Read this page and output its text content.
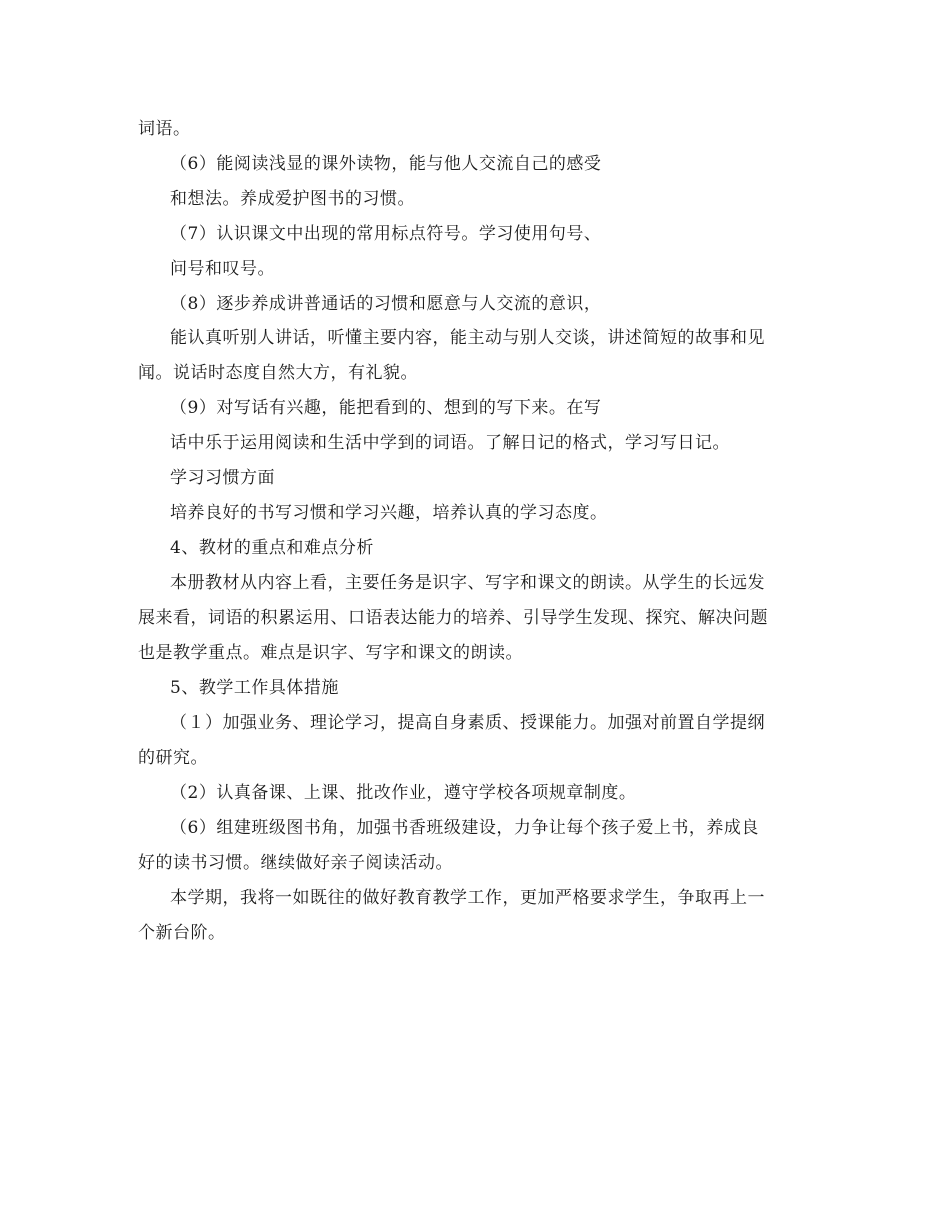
词语。
（6）能阅读浅显的课外读物，能与他人交流自己的感受
和想法。养成爱护图书的习惯。
（7）认识课文中出现的常用标点符号。学习使用句号、
问号和叹号。
（8）逐步养成讲普通话的习惯和愿意与人交流的意识，
能认真听别人讲话，听懂主要内容，能主动与别人交谈，讲述简短的故事和见
闻。说话时态度自然大方，有礼貌。
（9）对写话有兴趣，能把看到的、想到的写下来。在写
话中乐于运用阅读和生活中学到的词语。了解日记的格式，学习写日记。
学习习惯方面
培养良好的书写习惯和学习兴趣，培养认真的学习态度。
4、教材的重点和难点分析
本册教材从内容上看，主要任务是识字、写字和课文的朗读。从学生的长远发
展来看，词语的积累运用、口语表达能力的培养、引导学生发现、探究、解决问题
也是教学重点。难点是识字、写字和课文的朗读。
5、教学工作具体措施
（１）加强业务、理论学习，提高自身素质、授课能力。加强对前置自学提纲
的研究。
（2）认真备课、上课、批改作业，遵守学校各项规章制度。
（6）组建班级图书角，加强书香班级建设，力争让每个孩子爱上书，养成良
好的读书习惯。继续做好亲子阅读活动。
本学期，我将一如既往的做好教育教学工作，更加严格要求学生，争取再上一
个新台阶。
